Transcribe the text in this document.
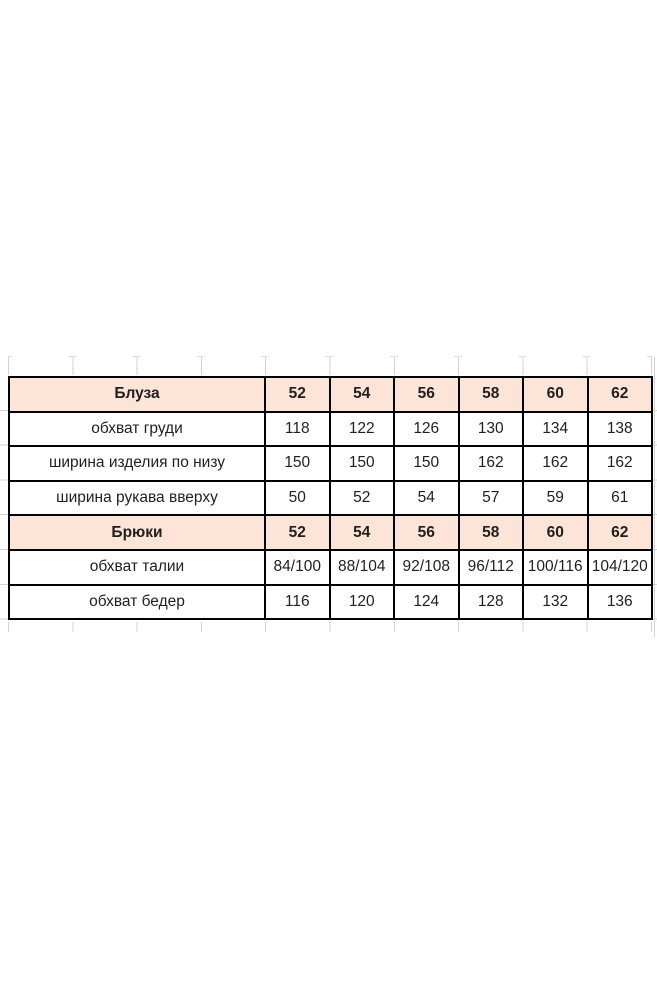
Блуза	52	54	56	58	60	62
обхват груди	118	122	126	130	134	138
ширина изделия по низу	150	150	150	162	162	162
ширина рукава вверху	50	52	54	57	59	61
Брюки	52	54	56	58	60	62
обхват талии	84/100	88/104	92/108	96/112	100/116	104/120
обхват бедер	116	120	124	128	132	136
